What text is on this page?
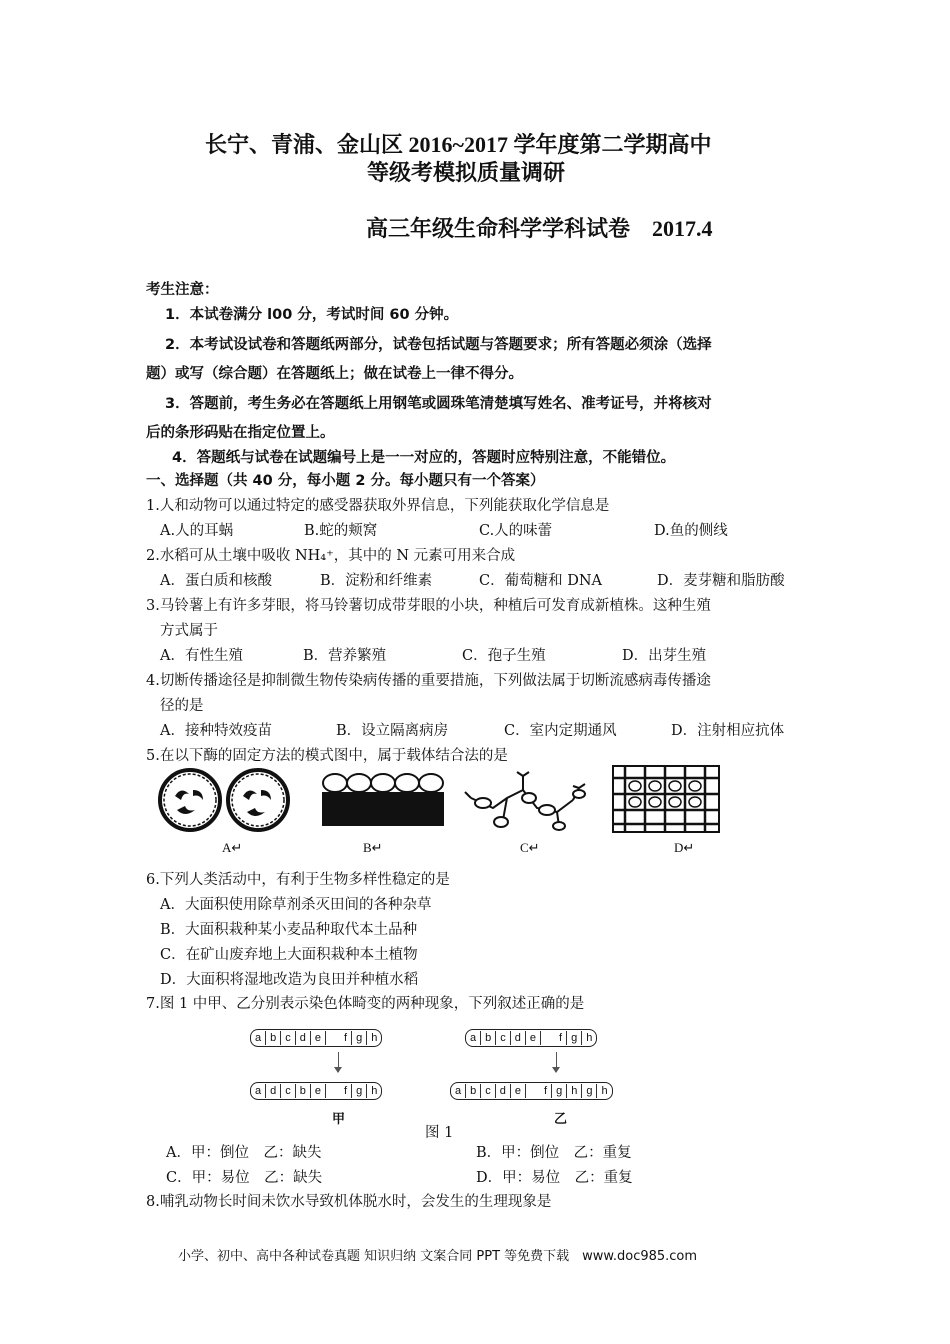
长宁、青浦、金山区 2016~2017 学年度第二学期高中
等级考模拟质量调研
高三年级生命科学学科试卷　2017.4
考生注意：
1．本试卷满分 l00 分，考试时间 60 分钟。
2．本考试设试卷和答题纸两部分，试卷包括试题与答题要求；所有答题必须涂（选择
题）或写（综合题）在答题纸上；做在试卷上一律不得分。
3．答题前，考生务必在答题纸上用钢笔或圆珠笔清楚填写姓名、准考证号，并将核对
后的条形码贴在指定位置上。
4．答题纸与试卷在试题编号上是一一对应的，答题时应特别注意，不能错位。
一、选择题（共 40 分，每小题 2 分。每小题只有一个答案）
1.人和动物可以通过特定的感受器获取外界信息，下列能获取化学信息是
A.人的耳蜗	B.蛇的颊窝	C.人的味蕾	D.鱼的侧线
2.水稻可从土壤中吸收 NH₄⁺，其中的 N 元素可用来合成
A．蛋白质和核酸	B．淀粉和纤维素	C．葡萄糖和 DNA	D．麦芽糖和脂肪酸
3.马铃薯上有许多芽眼，将马铃薯切成带芽眼的小块，种植后可发育成新植株。这种生殖
方式属于
A．有性生殖	B．营养繁殖	C．孢子生殖	D．出芽生殖
4.切断传播途径是抑制微生物传染病传播的重要措施，下列做法属于切断流感病毒传播途
径的是
A．接种特效疫苗	B．设立隔离病房	C．室内定期通风	D．注射相应抗体
5.在以下酶的固定方法的模式图中，属于载体结合法的是
A↵	B↵	C↵	D↵
6.下列人类活动中，有利于生物多样性稳定的是
A．大面积使用除草剂杀灭田间的各种杂草
B．大面积栽种某小麦品种取代本土品种
C．在矿山废弃地上大面积栽种本土植物
D．大面积将湿地改造为良田并种植水稻
7.图 1 中甲、乙分别表示染色体畸变的两种现象，下列叙述正确的是
a b c d e	f g h
a d c b e	f g h
甲
a b c d e	f g h
a b c d e	f g h g h
乙
图 1
A．甲：倒位　乙：缺失	B．甲：倒位　乙：重复
C．甲：易位　乙：缺失	D．甲：易位　乙：重复
8.哺乳动物长时间未饮水导致机体脱水时，会发生的生理现象是
小学、初中、高中各种试卷真题 知识归纳 文案合同 PPT 等免费下载　www.doc985.com
